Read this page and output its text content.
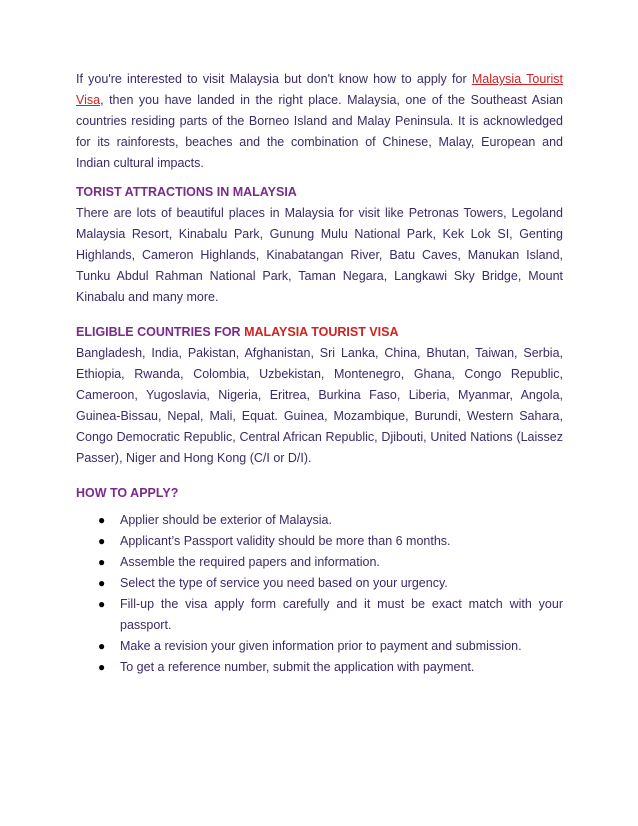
If you're interested to visit Malaysia but don't know how to apply for Malaysia Tourist Visa, then you have landed in the right place. Malaysia, one of the Southeast Asian countries residing parts of the Borneo Island and Malay Peninsula. It is acknowledged for its rainforests, beaches and the combination of Chinese, Malay, European and Indian cultural impacts.

TORIST ATTRACTIONS IN MALAYSIA

There are lots of beautiful places in Malaysia for visit like Petronas Towers, Legoland Malaysia Resort, Kinabalu Park, Gunung Mulu National Park, Kek Lok SI, Genting Highlands, Cameron Highlands, Kinabatangan River, Batu Caves, Manukan Island, Tunku Abdul Rahman National Park, Taman Negara, Langkawi Sky Bridge, Mount Kinabalu and many more.

ELIGIBLE COUNTRIES FOR MALAYSIA TOURIST VISA

Bangladesh, India, Pakistan, Afghanistan, Sri Lanka, China, Bhutan, Taiwan, Serbia, Ethiopia, Rwanda, Colombia, Uzbekistan, Montenegro, Ghana, Congo Republic, Cameroon, Yugoslavia, Nigeria, Eritrea, Burkina Faso, Liberia, Myanmar, Angola, Guinea-Bissau, Nepal, Mali, Equat. Guinea, Mozambique, Burundi, Western Sahara, Congo Democratic Republic, Central African Republic, Djibouti, United Nations (Laissez Passer), Niger and Hong Kong (C/I or D/I).

HOW TO APPLY?
● Applier should be exterior of Malaysia.
● Applicant’s Passport validity should be more than 6 months.
● Assemble the required papers and information.
● Select the type of service you need based on your urgency.
● Fill-up the visa apply form carefully and it must be exact match with your passport.
● Make a revision your given information prior to payment and submission.
● To get a reference number, submit the application with payment.
